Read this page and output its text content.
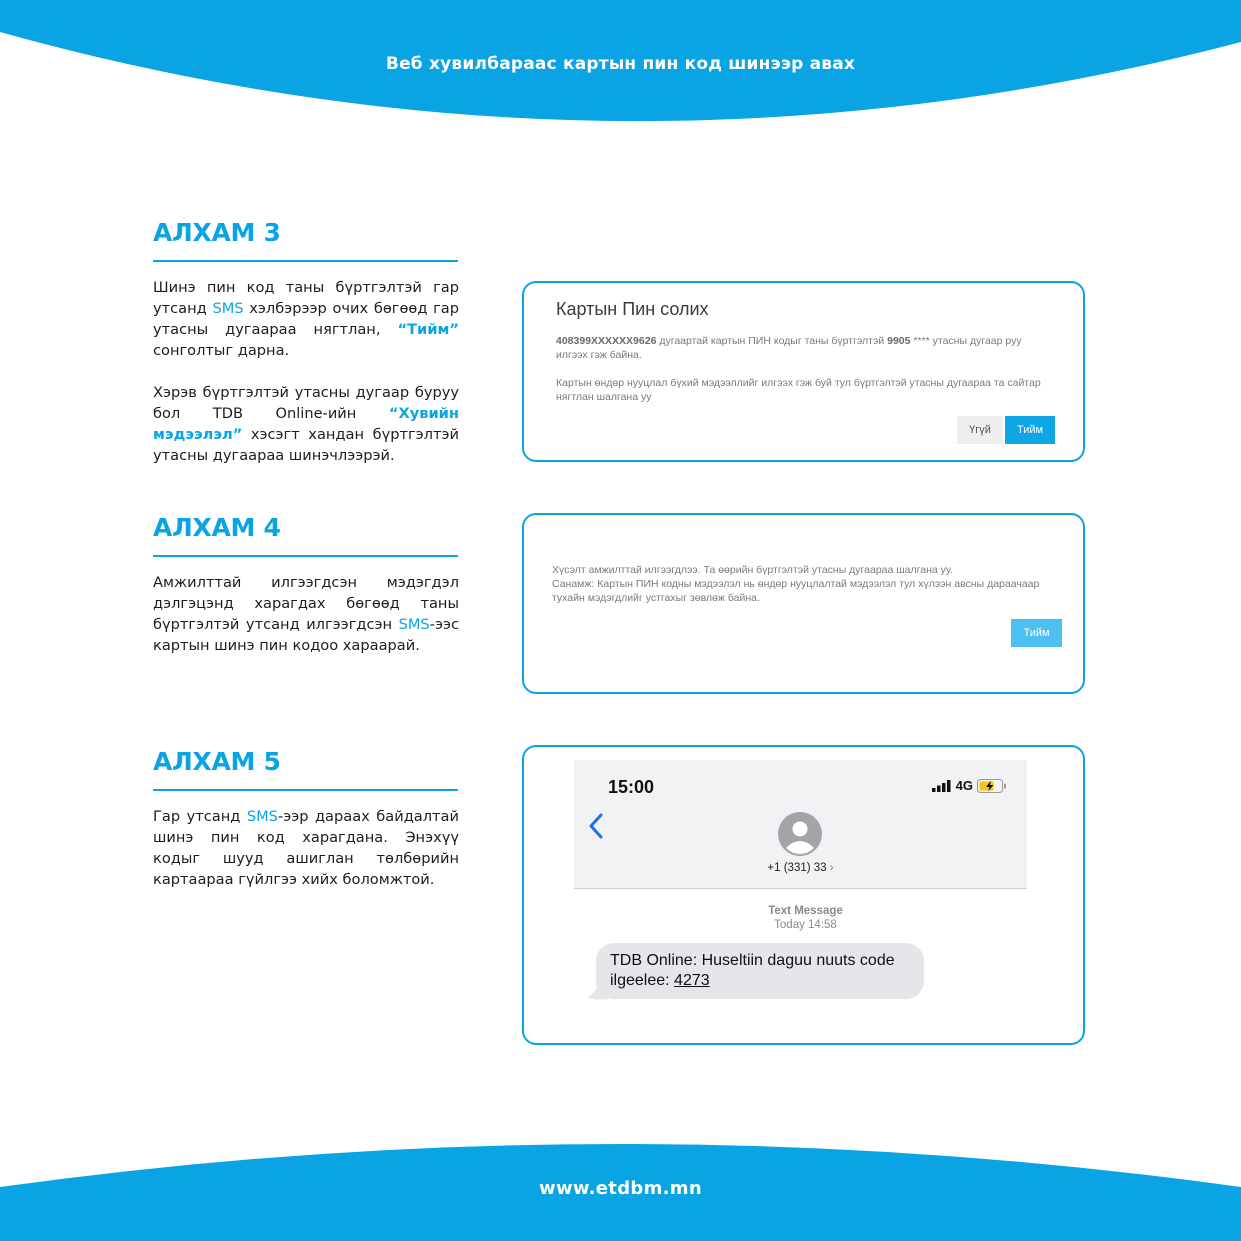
Веб хувилбараас картын пин код шинээр авах
АЛХАМ 3

Шинэ пин код таны бүртгэлтэй гар утсанд SMS хэлбэрээр очих бөгөөд гар утасны дугаараа нягтлан, “Тийм” сонголтыг дарна.

Хэрэв бүртгэлтэй утасны дугаар буруу бол TDB Online-ийн “Хувийн мэдээлэл” хэсэгт хандан бүртгэлтэй утасны дугаараа шинэчлээрэй.

АЛХАМ 4

Амжилттай илгээгдсэн мэдэгдэл дэлгэцэнд харагдах бөгөөд таны бүртгэлтэй утсанд илгээгдсэн SMS-ээс картын шинэ пин кодоо хараарай.

АЛХАМ 5

Гар утсанд SMS-ээр дараах байдалтай шинэ пин код харагдана. Энэхүү кодыг шууд ашиглан төлбөрийн картаараа гүйлгээ хийх боломжтой.

Картын Пин солих
408399XXXXXX9626 дугаартай картын ПИН кодыг таны бүртгэлтэй 9905 **** утасны дугаар руу илгээх гэж байна.
Картын өндөр нууцлал бүхий мэдээллийг илгээх гэж буй тул бүртгэлтэй утасны дугаараа та сайтар нягтлан шалгана уу
Үгүй	Тийм
Хүсэлт амжилттай илгээгдлээ. Та өөрийн бүртгэлтэй утасны дугаараа шалгана уу.
Санамж: Картын ПИН кодны мэдээлэл нь өндөр нууцлалтай мэдээлэл тул хүлээн авсны дараачаар тухайн мэдэгдлийг устгахыг зөвлөж байна.
Тийм
15:00	4G
+1 (331) 33 ›
Text Message
Today 14:58
TDB Online: Huseltiin daguu nuuts code ilgeelee: 4273
www.etdbm.mn
